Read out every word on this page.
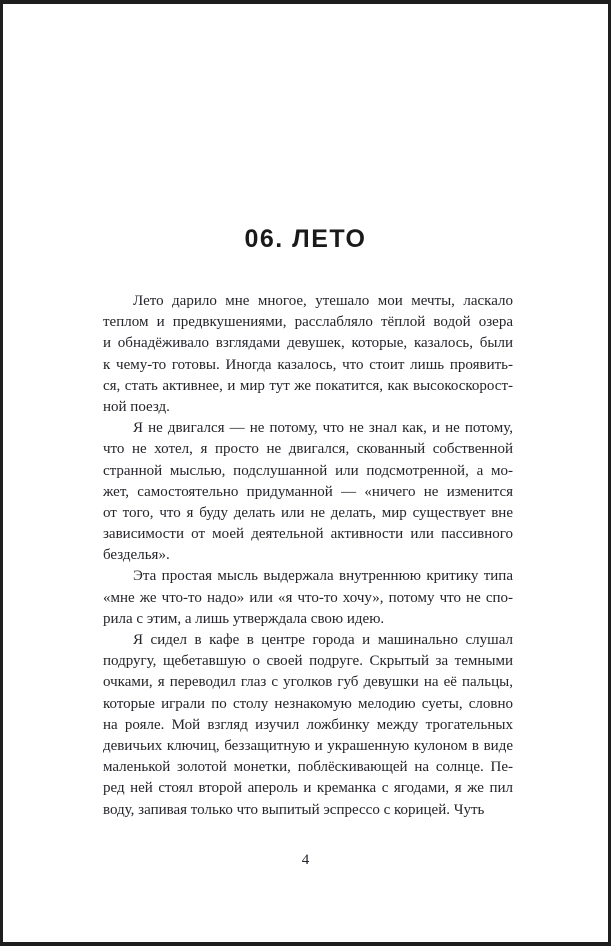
06. ЛЕТО
Лето дарило мне многое, утешало мои мечты, ласкало
теплом и предвкушениями, расслабляло тёплой водой озера
и обнадёживало взглядами девушек, которые, казалось, были
к чему-то готовы. Иногда казалось, что стоит лишь проявить-
ся, стать активнее, и мир тут же покатится, как высокоскорост-
ной поезд.
Я не двигался — не потому, что не знал как, и не потому,
что не хотел, я просто не двигался, скованный собственной
странной мыслью, подслушанной или подсмотренной, а мо-
жет, самостоятельно придуманной — «ничего не изменится
от того, что я буду делать или не делать, мир существует вне
зависимости от моей деятельной активности или пассивного
безделья».
Эта простая мысль выдержала внутреннюю критику типа
«мне же что-то надо» или «я что-то хочу», потому что не спо-
рила с этим, а лишь утверждала свою идею.
Я сидел в кафе в центре города и машинально слушал
подругу, щебетавшую о своей подруге. Скрытый за темными
очками, я переводил глаз с уголков губ девушки на её пальцы,
которые играли по столу незнакомую мелодию суеты, словно
на рояле. Мой взгляд изучил ложбинку между трогательных
девичьих ключиц, беззащитную и украшенную кулоном в виде
маленькой золотой монетки, поблёскивающей на солнце. Пе-
ред ней стоял второй апероль и креманка с ягодами, я же пил
воду, запивая только что выпитый эспрессо с корицей. Чуть
4
